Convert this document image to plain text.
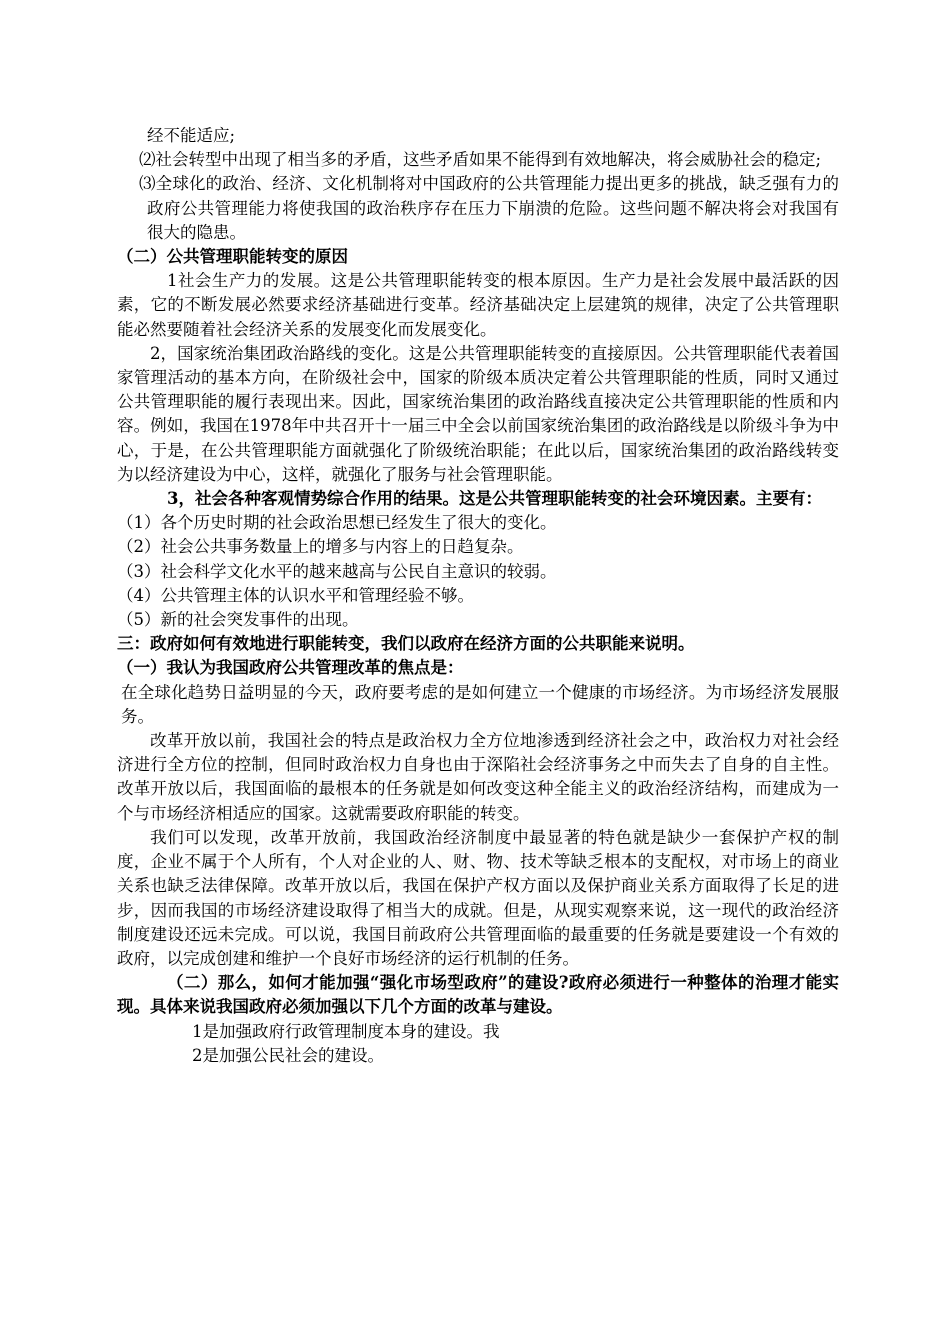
经不能适应;

⑵社会转型中出现了相当多的矛盾，这些矛盾如果不能得到有效地解决，将会威胁社会的稳定;

⑶全球化的政治、经济、文化机制将对中国政府的公共管理能力提出更多的挑战，缺乏强有力的政府公共管理能力将使我国的政治秩序存在压力下崩溃的危险。这些问题不解决将会对我国有很大的隐患。

（二）公共管理职能转变的原因

1社会生产力的发展。这是公共管理职能转变的根本原因。生产力是社会发展中最活跃的因素，它的不断发展必然要求经济基础进行变革。经济基础决定上层建筑的规律，决定了公共管理职能必然要随着社会经济关系的发展变化而发展变化。

2，国家统治集团政治路线的变化。这是公共管理职能转变的直接原因。公共管理职能代表着国家管理活动的基本方向，在阶级社会中，国家的阶级本质决定着公共管理职能的性质，同时又通过公共管理职能的履行表现出来。因此，国家统治集团的政治路线直接决定公共管理职能的性质和内容。例如，我国在1978年中共召开十一届三中全会以前国家统治集团的政治路线是以阶级斗争为中心，于是，在公共管理职能方面就强化了阶级统治职能；在此以后，国家统治集团的政治路线转变为以经济建设为中心，这样，就强化了服务与社会管理职能。

3，社会各种客观情势综合作用的结果。这是公共管理职能转变的社会环境因素。主要有：

（1）各个历史时期的社会政治思想已经发生了很大的变化。

（2）社会公共事务数量上的增多与内容上的日趋复杂。

（3）社会科学文化水平的越来越高与公民自主意识的较弱。

（4）公共管理主体的认识水平和管理经验不够。

（5）新的社会突发事件的出现。

三：政府如何有效地进行职能转变，我们以政府在经济方面的公共职能来说明。

（一）我认为我国政府公共管理改革的焦点是：

在全球化趋势日益明显的今天，政府要考虑的是如何建立一个健康的市场经济。为市场经济发展服务。

改革开放以前，我国社会的特点是政治权力全方位地渗透到经济社会之中，政治权力对社会经济进行全方位的控制，但同时政治权力自身也由于深陷社会经济事务之中而失去了自身的自主性。改革开放以后，我国面临的最根本的任务就是如何改变这种全能主义的政治经济结构，而建成为一个与市场经济相适应的国家。这就需要政府职能的转变。

我们可以发现，改革开放前，我国政治经济制度中最显著的特色就是缺少一套保护产权的制度，企业不属于个人所有，个人对企业的人、财、物、技术等缺乏根本的支配权，对市场上的商业关系也缺乏法律保障。改革开放以后，我国在保护产权方面以及保护商业关系方面取得了长足的进步，因而我国的市场经济建设取得了相当大的成就。但是，从现实观察来说，这一现代的政治经济制度建设还远未完成。可以说，我国目前政府公共管理面临的最重要的任务就是要建设一个有效的政府，以完成创建和维护一个良好市场经济的运行机制的任务。

（二）那么，如何才能加强“强化市场型政府”的建设?政府必须进行一种整体的治理才能实现。具体来说我国政府必须加强以下几个方面的改革与建设。

1是加强政府行政管理制度本身的建设。我

2是加强公民社会的建设。
